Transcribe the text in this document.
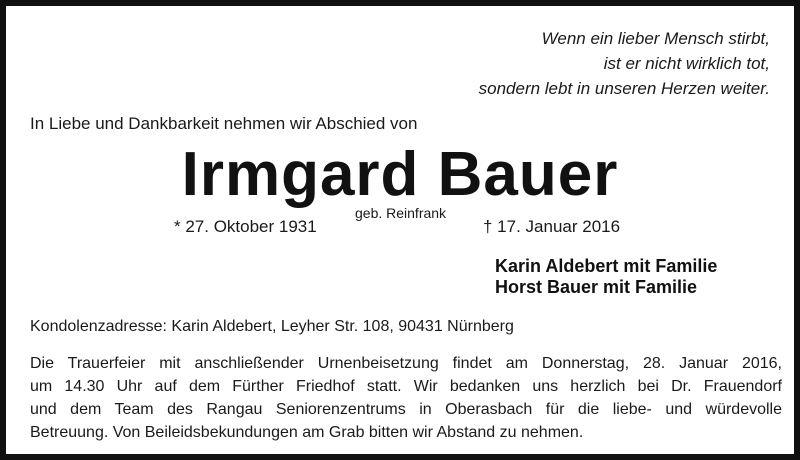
Wenn ein lieber Mensch stirbt,
ist er nicht wirklich tot,
sondern lebt in unseren Herzen weiter.
In Liebe und Dankbarkeit nehmen wir Abschied von
Irmgard Bauer
* 27. Oktober 1931
geb. Reinfrank
† 17. Januar 2016
Karin Aldebert mit Familie
Horst Bauer mit Familie
Kondolenzadresse: Karin Aldebert, Leyher Str. 108, 90431 Nürnberg
Die Trauerfeier mit anschließender Urnenbeisetzung findet am Donnerstag, 28. Januar 2016,
um 14.30 Uhr auf dem Fürther Friedhof statt. Wir bedanken uns herzlich bei Dr. Frauendorf
und dem Team des Rangau Seniorenzentrums in Oberasbach für die liebe- und würdevolle
Betreuung. Von Beileidsbekundungen am Grab bitten wir Abstand zu nehmen.
